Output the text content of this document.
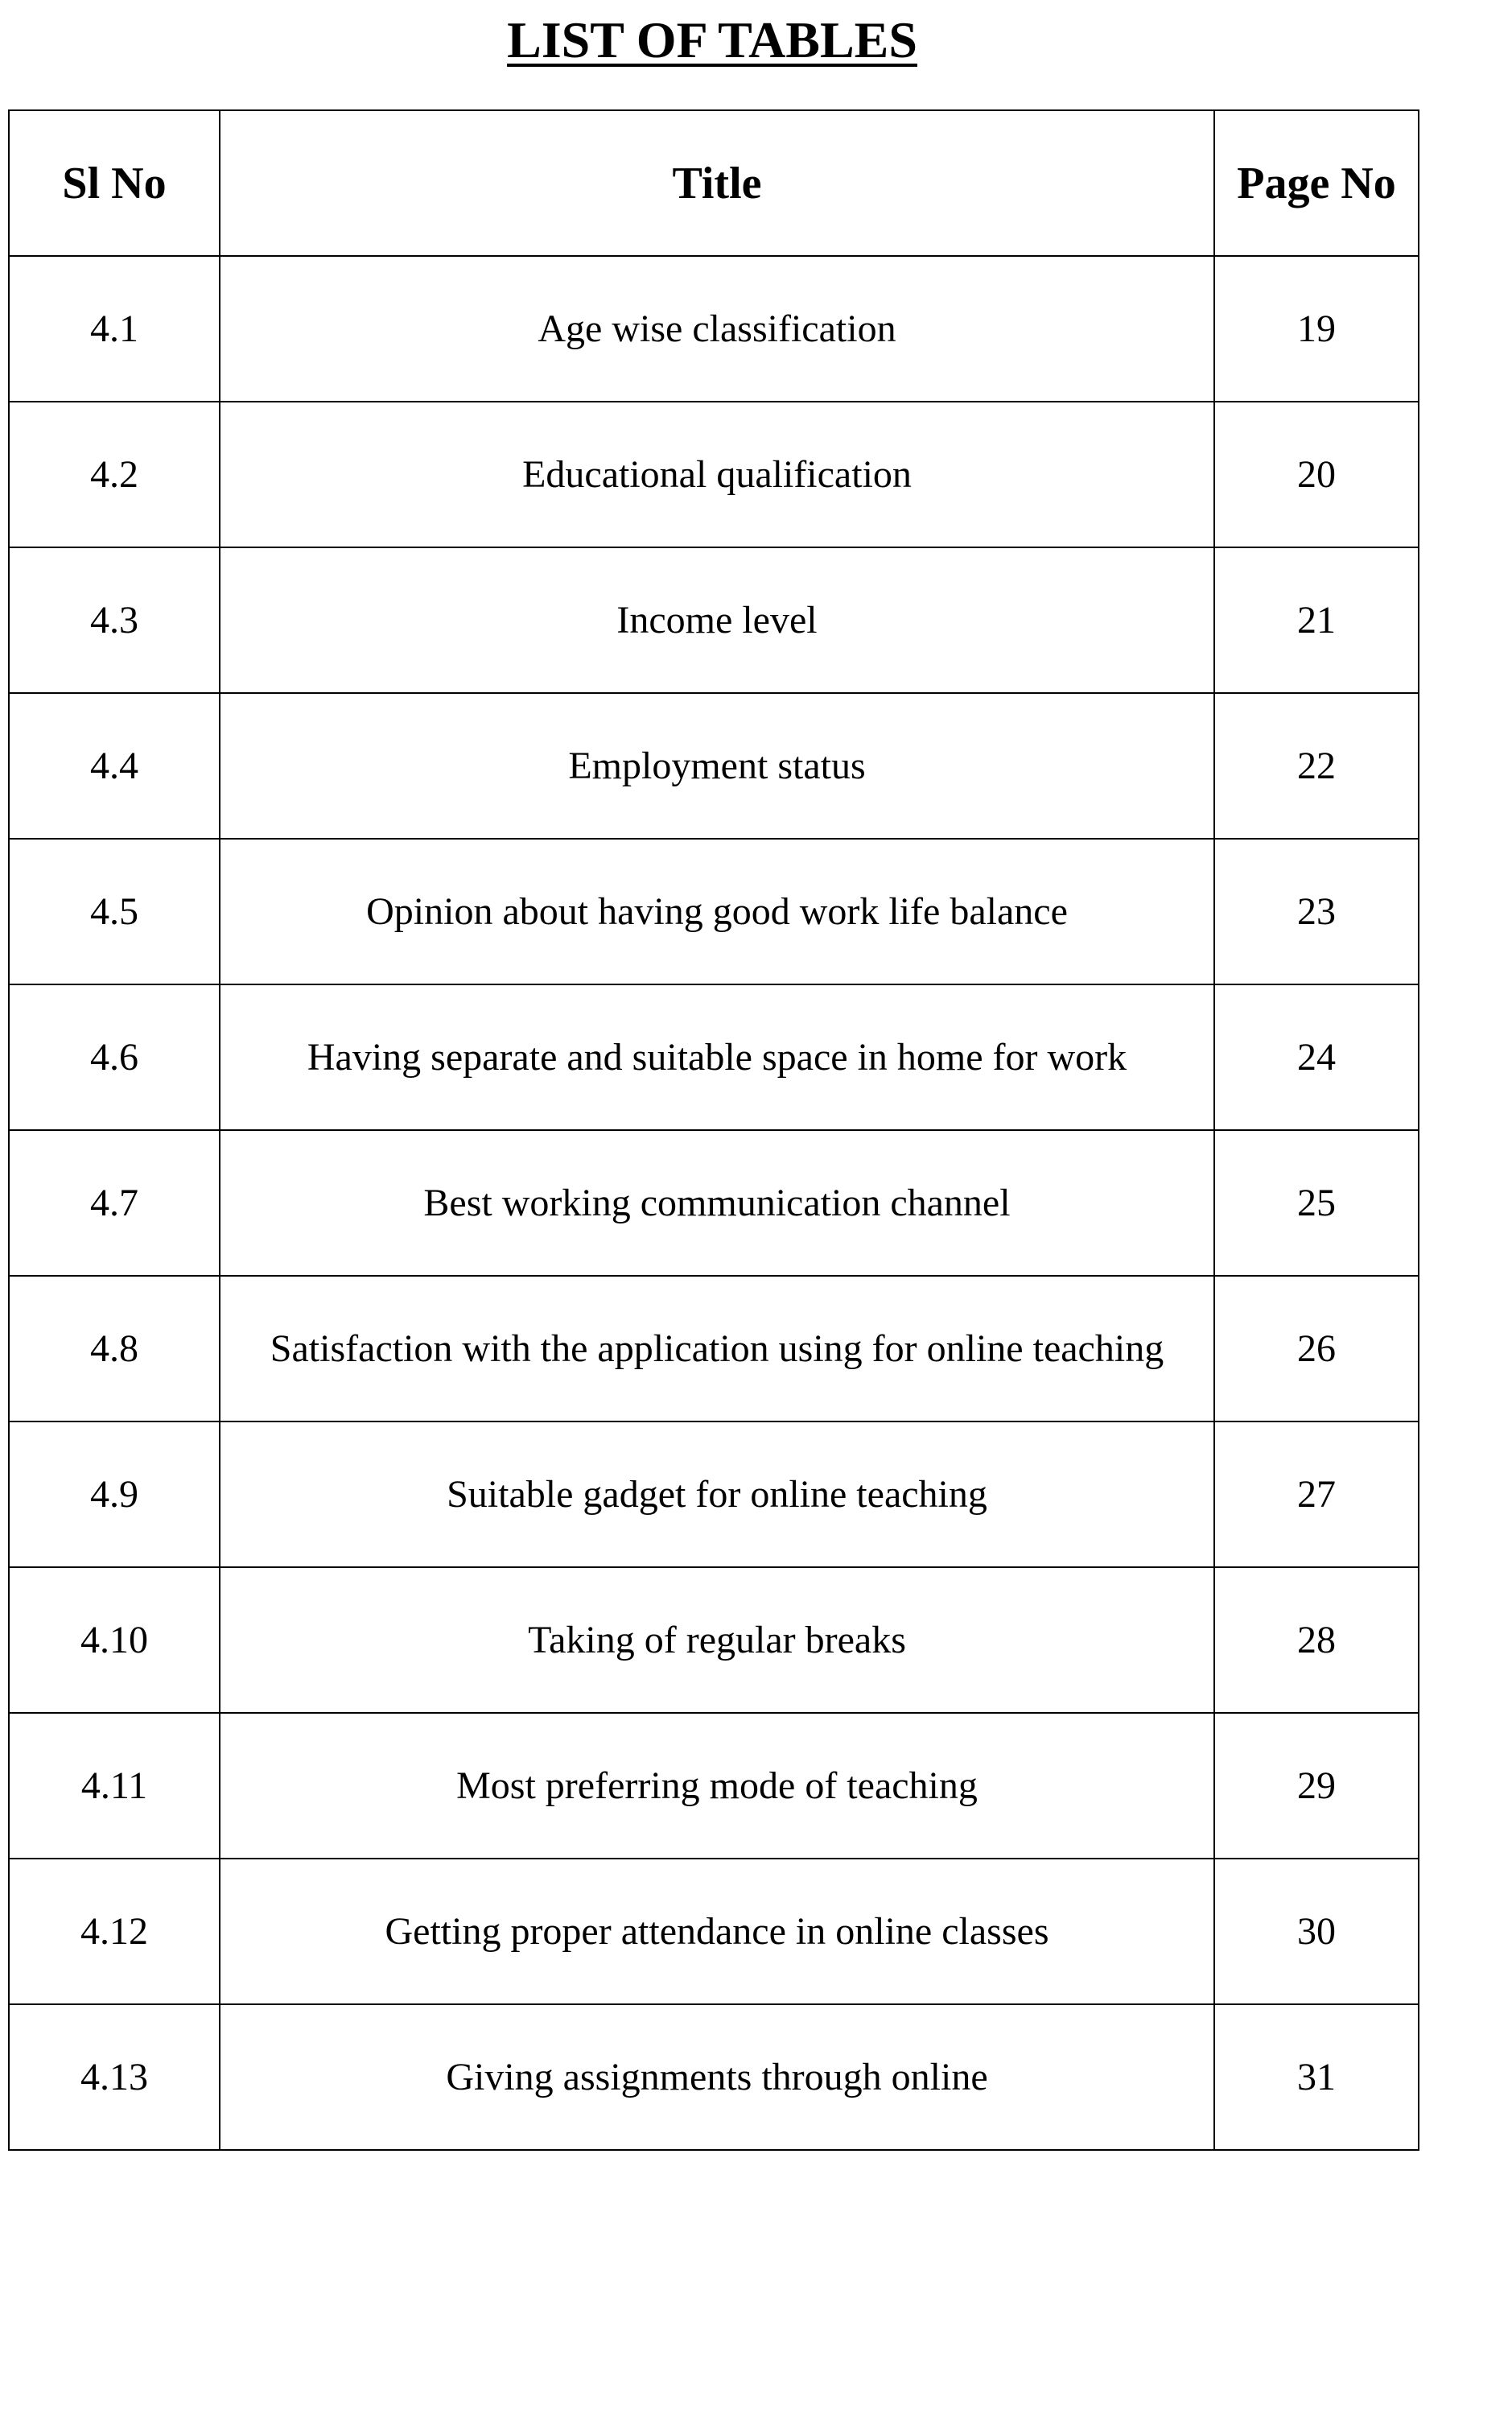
LIST OF TABLES
Sl No	Title	Page No
4.1	Age wise classification	19
4.2	Educational qualification	20
4.3	Income level	21
4.4	Employment status	22
4.5	Opinion about having good work life balance	23
4.6	Having separate and suitable space in home for work	24
4.7	Best working communication channel	25
4.8	Satisfaction with the application using for online teaching	26
4.9	Suitable gadget for online teaching	27
4.10	Taking of regular breaks	28
4.11	Most preferring mode of teaching	29
4.12	Getting proper attendance in online classes	30
4.13	Giving assignments through online	31
